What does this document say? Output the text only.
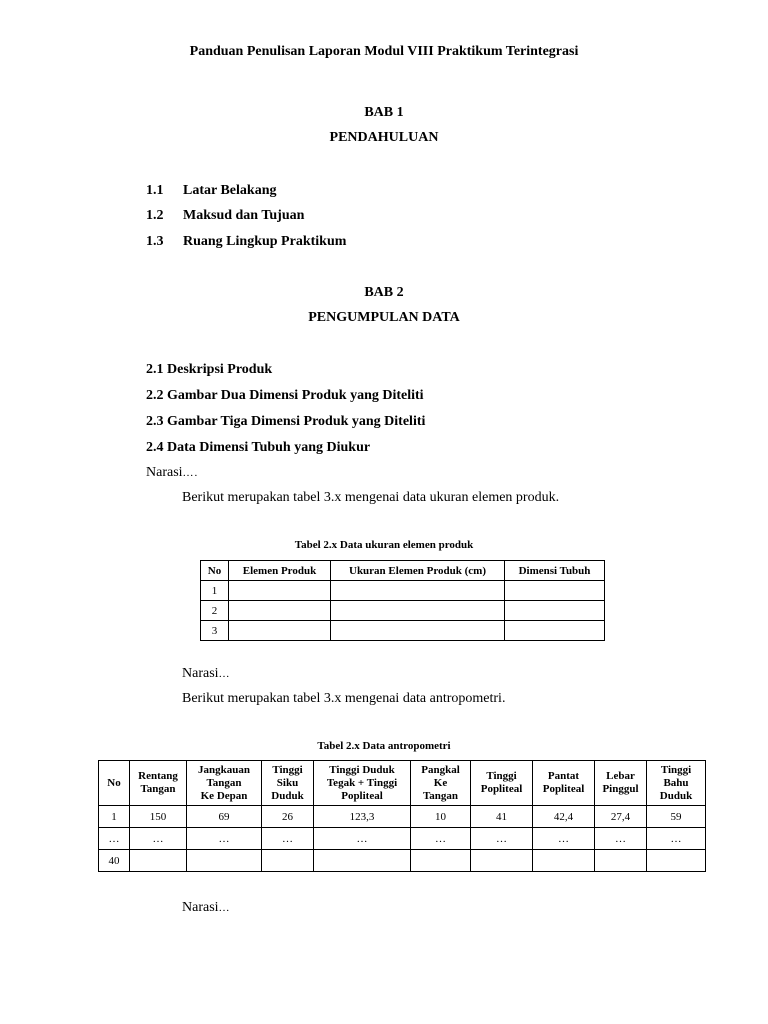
Panduan Penulisan Laporan Modul VIII Praktikum Terintegrasi
BAB 1
PENDAHULUAN
1.1 Latar Belakang
1.2 Maksud dan Tujuan
1.3 Ruang Lingkup Praktikum
BAB 2
PENGUMPULAN DATA
2.1 Deskripsi Produk
2.2 Gambar Dua Dimensi Produk yang Diteliti
2.3 Gambar Tiga Dimensi Produk yang Diteliti
2.4 Data Dimensi Tubuh yang Diukur
Narasi….
Berikut merupakan tabel 3.x mengenai data ukuran elemen produk.
Tabel 2.x Data ukuran elemen produk
No	Elemen Produk	Ukuran Elemen Produk (cm)	Dimensi Tubuh
1			
2			
3			
Narasi…
Berikut merupakan tabel 3.x mengenai data antropometri.
Tabel 2.x Data antropometri
No	Rentang
Tangan	Jangkauan
Tangan
Ke Depan	Tinggi
Siku
Duduk	Tinggi Duduk
Tegak + Tinggi
Popliteal	Pangkal
Ke
Tangan	Tinggi
Popliteal	Pantat
Popliteal	Lebar
Pinggul	Tinggi
Bahu
Duduk
1	150	69	26	123,3	10	41	42,4	27,4	59
…	…	…	…	…	…	…	…	…	…
40									
Narasi…
